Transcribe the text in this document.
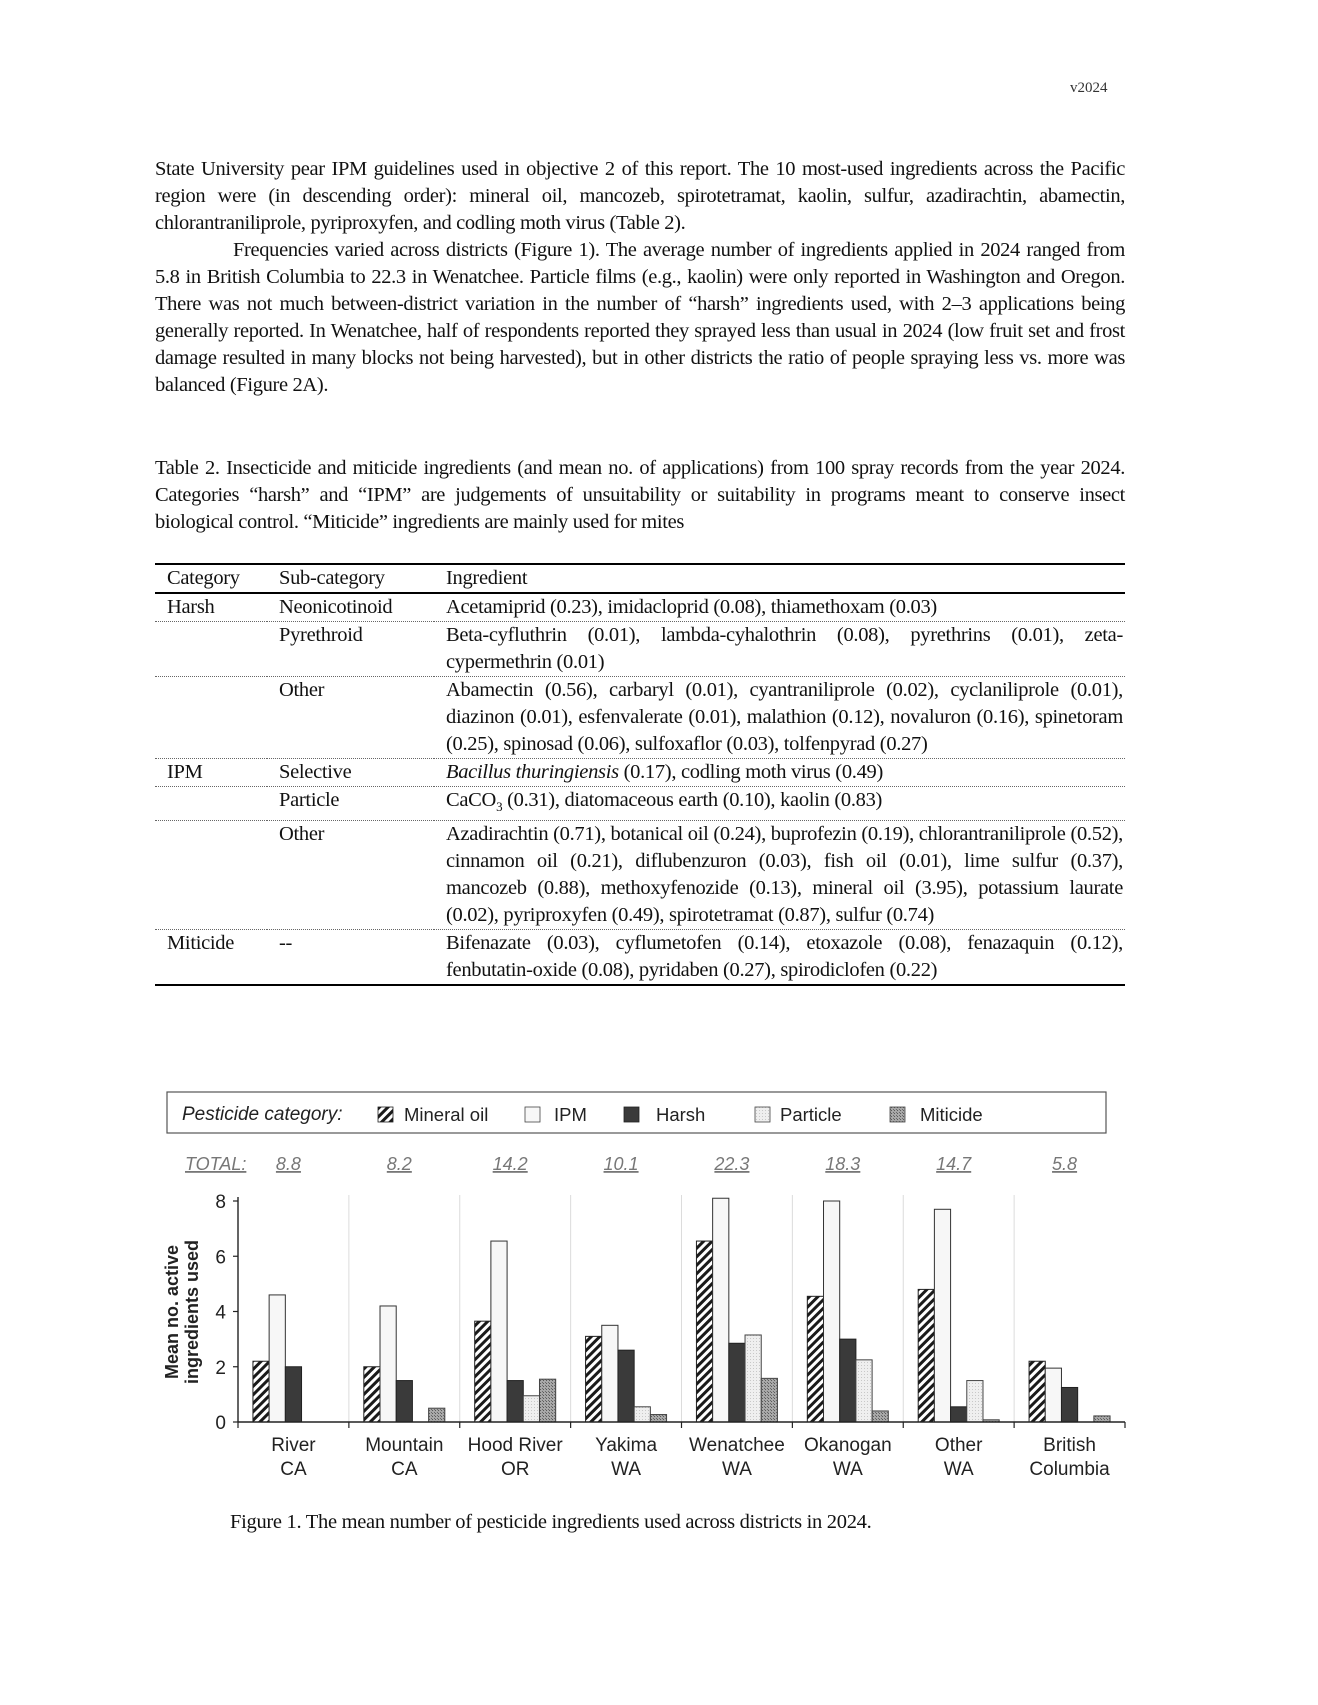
v2024

State University pear IPM guidelines used in objective 2 of this report. The 10 most-used ingredients across the Pacific region were (in descending order): mineral oil, mancozeb, spirotetramat, kaolin, sulfur, azadirachtin, abamectin, chlorantraniliprole, pyriproxyfen, and codling moth virus (Table 2).

Frequencies varied across districts (Figure 1). The average number of ingredients applied in 2024 ranged from 5.8 in British Columbia to 22.3 in Wenatchee. Particle films (e.g., kaolin) were only reported in Washington and Oregon. There was not much between-district variation in the number of “harsh” ingredients used, with 2–3 applications being generally reported. In Wenatchee, half of respondents reported they sprayed less than usual in 2024 (low fruit set and frost damage resulted in many blocks not being harvested), but in other districts the ratio of people spraying less vs. more was balanced (Figure 2A).

Table 2. Insecticide and miticide ingredients (and mean no. of applications) from 100 spray records from the year 2024. Categories “harsh” and “IPM” are judgements of unsuitability or suitability in programs meant to conserve insect biological control. “Miticide” ingredients are mainly used for mites

Category	Sub-category	Ingredient
Harsh	Neonicotinoid	Acetamiprid (0.23), imidacloprid (0.08), thiamethoxam (0.03)
	Pyrethroid	Beta-cyfluthrin (0.01), lambda-cyhalothrin (0.08), pyrethrins (0.01), zeta-cypermethrin (0.01)
	Other	Abamectin (0.56), carbaryl (0.01), cyantraniliprole (0.02), cyclaniliprole (0.01), diazinon (0.01), esfenvalerate (0.01), malathion (0.12), novaluron (0.16), spinetoram (0.25), spinosad (0.06), sulfoxaflor (0.03), tolfenpyrad (0.27)
IPM	Selective	Bacillus thuringiensis (0.17), codling moth virus (0.49)
	Particle	CaCO$_3$ (0.31), diatomaceous earth (0.10), kaolin (0.83)
	Other	Azadirachtin (0.71), botanical oil (0.24), buprofezin (0.19), chlorantraniliprole (0.52), cinnamon oil (0.21), diflubenzuron (0.03), fish oil (0.01), lime sulfur (0.37), mancozeb (0.88), methoxyfenozide (0.13), mineral oil (3.95), potassium laurate (0.02), pyriproxyfen (0.49), spirotetramat (0.87), sulfur (0.74)
Miticide	--	Bifenazate (0.03), cyflumetofen (0.14), etoxazole (0.08), fenazaquin (0.12), fenbutatin-oxide (0.08), pyridaben (0.27), spirodiclofen (0.22)
Pesticide category:	Mineral oil	IPM	Harsh	Particle	Miticide
TOTAL: 8.8	8.2	14.2	10.1	22.3	18.3	14.7	5.8
Mean no. active ingredients used
0
2
4
6
8
River
CA
Mountain
CA
Hood River
OR
Yakima
WA
Wenatchee
WA
Okanogan
WA
Other
WA
British
Columbia
Figure 1. The mean number of pesticide ingredients used across districts in 2024.
